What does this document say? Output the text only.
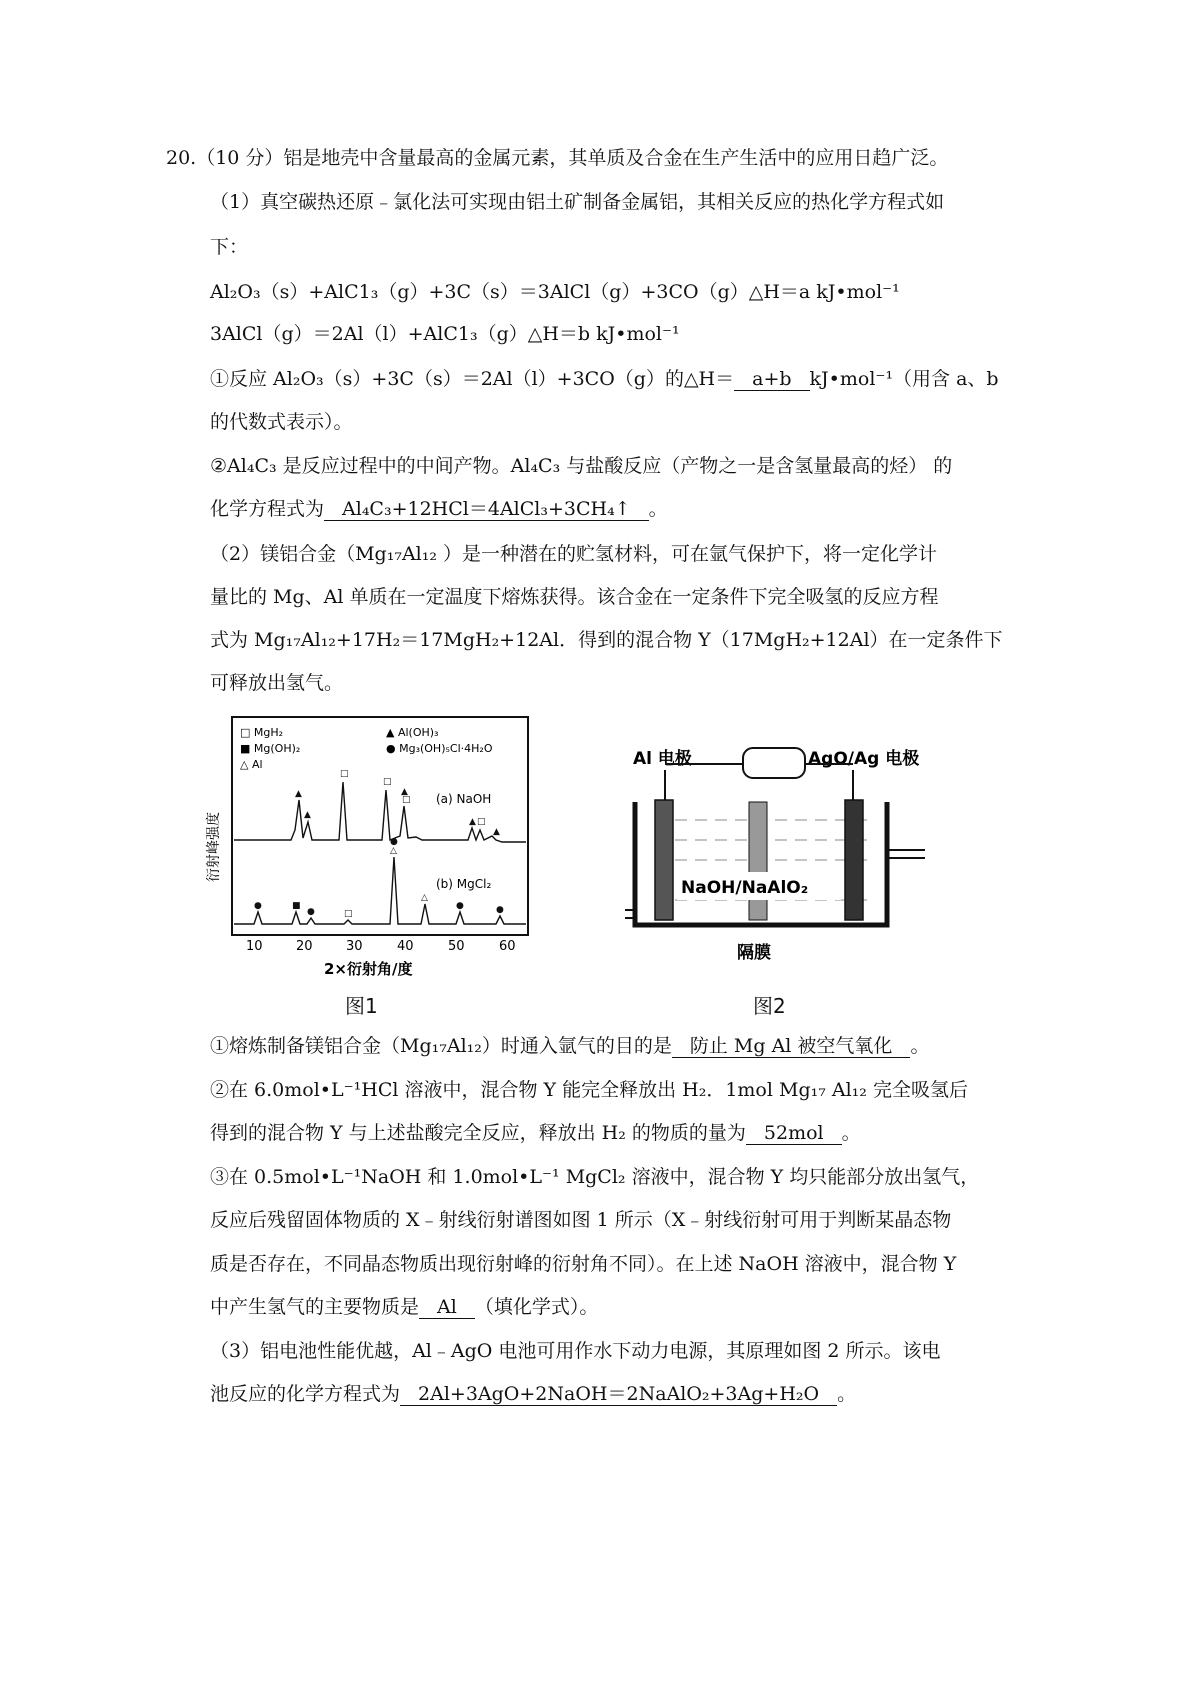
20.（10 分）铝是地壳中含量最高的金属元素，其单质及合金在生产生活中的应用日趋广泛。
（1）真空碳热还原﹣氯化法可实现由铝土矿制备金属铝，其相关反应的热化学方程式如
下：
Al₂O₃（s）+AlC1₃（g）+3C（s）＝3AlCl（g）+3CO（g）△H＝a kJ•mol⁻¹
3AlCl（g）＝2Al（l）+AlC1₃（g）△H＝b kJ•mol⁻¹
①反应 Al₂O₃（s）+3C（s）＝2Al（l）+3CO（g）的△H＝ a+b kJ•mol⁻¹（用含 a、b
的代数式表示）。
②Al₄C₃ 是反应过程中的中间产物。Al₄C₃ 与盐酸反应（产物之一是含氢量最高的烃） 的
化学方程式为 Al₄C₃+12HCl＝4AlCl₃+3CH₄↑ 。
（2）镁铝合金（Mg₁₇Al₁₂ ）是一种潜在的贮氢材料，可在氩气保护下，将一定化学计
量比的 Mg、Al 单质在一定温度下熔炼获得。该合金在一定条件下完全吸氢的反应方程
式为 Mg₁₇Al₁₂+17H₂＝17MgH₂+12Al．得到的混合物 Y（17MgH₂+12Al）在一定条件下
可释放出氢气。
□ MgH₂	▲ Al(OH)₃
■ Mg(OH)₂	● Mg₃(OH)₅Cl·4H₂O
△ Al
(a) NaOH
(b) MgCl₂
衍射峰强度
▲
▲
□
□
□
▲
▲ □
▲
●	■
●	□
△
●
△
●	●
10	20	30	40	50	60
2×衍射角/度
图1
Al 电极	AgO/Ag 电极
NaOH/NaAlO₂
隔膜
图2
①熔炼制备镁铝合金（Mg₁₇Al₁₂）时通入氩气的目的是 防止 Mg Al 被空气氧化 。
②在 6.0mol•L⁻¹HCl 溶液中，混合物 Y 能完全释放出 H₂．1mol Mg₁₇ Al₁₂ 完全吸氢后
得到的混合物 Y 与上述盐酸完全反应，释放出 H₂ 的物质的量为 52mol 。
③在 0.5mol•L⁻¹NaOH 和 1.0mol•L⁻¹ MgCl₂ 溶液中，混合物 Y 均只能部分放出氢气，
反应后残留固体物质的 X﹣射线衍射谱图如图 1 所示（X﹣射线衍射可用于判断某晶态物
质是否存在，不同晶态物质出现衍射峰的衍射角不同）。在上述 NaOH 溶液中，混合物 Y
中产生氢气的主要物质是 Al （填化学式）。
（3）铝电池性能优越，Al﹣AgO 电池可用作水下动力电源，其原理如图 2 所示。该电
池反应的化学方程式为 2Al+3AgO+2NaOH＝2NaAlO₂+3Ag+H₂O 。
